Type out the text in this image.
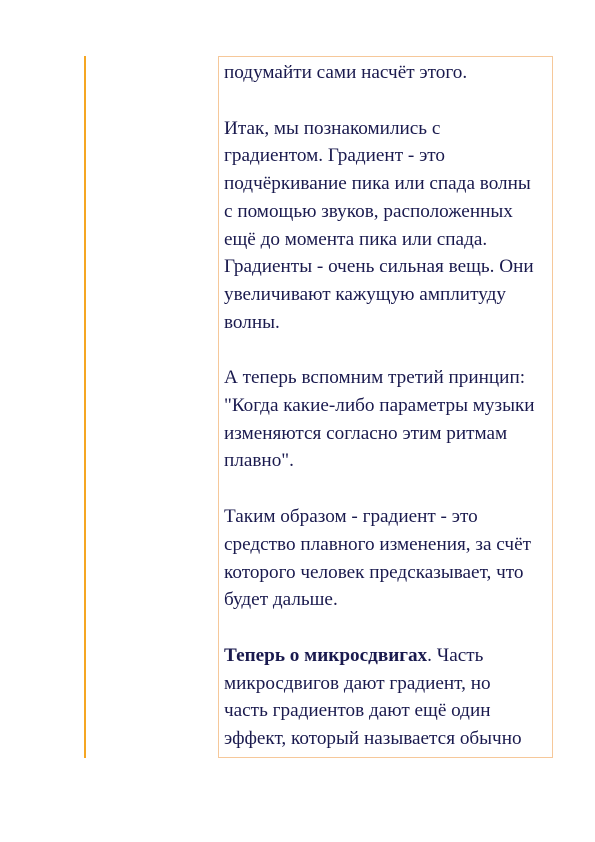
подумайти сами насчёт этого.

Итак, мы познакомились с
градиентом. Градиент - это
подчёркивание пика или спада волны
с помощью звуков, расположенных
ещё до момента пика или спада.
Градиенты - очень сильная вещь. Они
увеличивают кажущую амплитуду
волны.

А теперь вспомним третий принцип:
"Когда какие-либо параметры музыки
изменяются согласно этим ритмам
плавно".

Таким образом - градиент - это
средство плавного изменения, за счёт
которого человек предсказывает, что
будет дальше.

Теперь о микросдвигах. Часть
микросдвигов дают градиент, но
часть градиентов дают ещё один
эффект, который называется обычно
